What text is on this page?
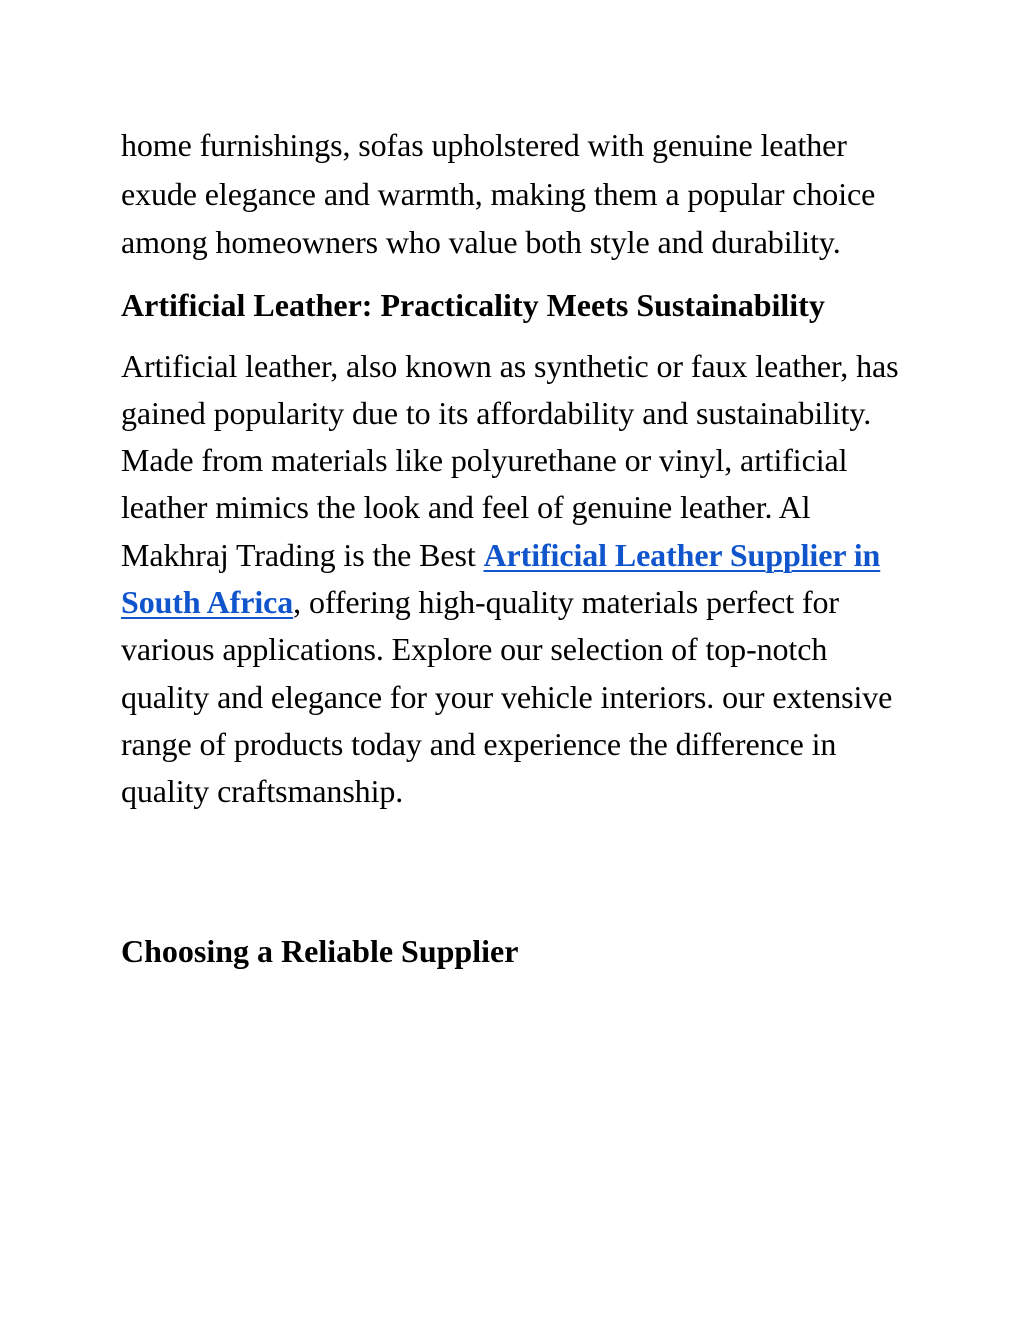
home furnishings, sofas upholstered with genuine leather exude elegance and warmth, making them a popular choice among homeowners who value both style and durability.

Artificial Leather: Practicality Meets Sustainability

Artificial leather, also known as synthetic or faux leather, has gained popularity due to its affordability and sustainability. Made from materials like polyurethane or vinyl, artificial leather mimics the look and feel of genuine leather. Al Makhraj Trading is the Best Artificial Leather Supplier in South Africa, offering high-quality materials perfect for various applications. Explore our selection of top-notch quality and elegance for your vehicle interiors. our extensive range of products today and experience the difference in quality craftsmanship.

Choosing a Reliable Supplier
